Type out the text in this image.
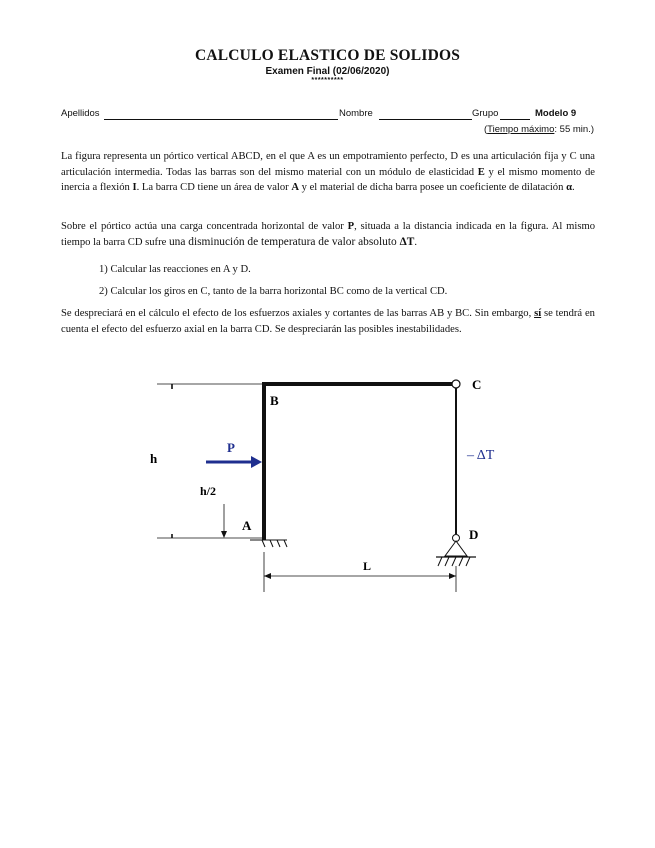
CALCULO ELASTICO DE SOLIDOS
Examen Final (02/06/2020)
**********
Apellidos	Nombre	Grupo	Modelo 9
(Tiempo máximo: 55 min.)

La figura representa un pórtico vertical ABCD, en el que A es un empotramiento perfecto, D es una articulación fija y C una articulación intermedia. Todas las barras son del mismo material con un módulo de elasticidad E y el mismo momento de inercia a flexión I. La barra CD tiene un área de valor A y el material de dicha barra posee un coeficiente de dilatación α.

Sobre el pórtico actúa una carga concentrada horizontal de valor P, situada a la distancia indicada en la figura. Al mismo tiempo la barra CD sufre una disminución de temperatura de valor absoluto ΔT.

1) Calcular las reacciones en A y D.
2) Calcular los giros en C, tanto de la barra horizontal BC como de la vertical CD.

Se despreciará en el cálculo el efecto de los esfuerzos axiales y cortantes de las barras AB y BC. Sin embargo, sí se tendrá en cuenta el efecto del esfuerzo axial en la barra CD. Se despreciarán las posibles inestabilidades.

B
C
A
D
P
h
h/2
L
– ΔT
